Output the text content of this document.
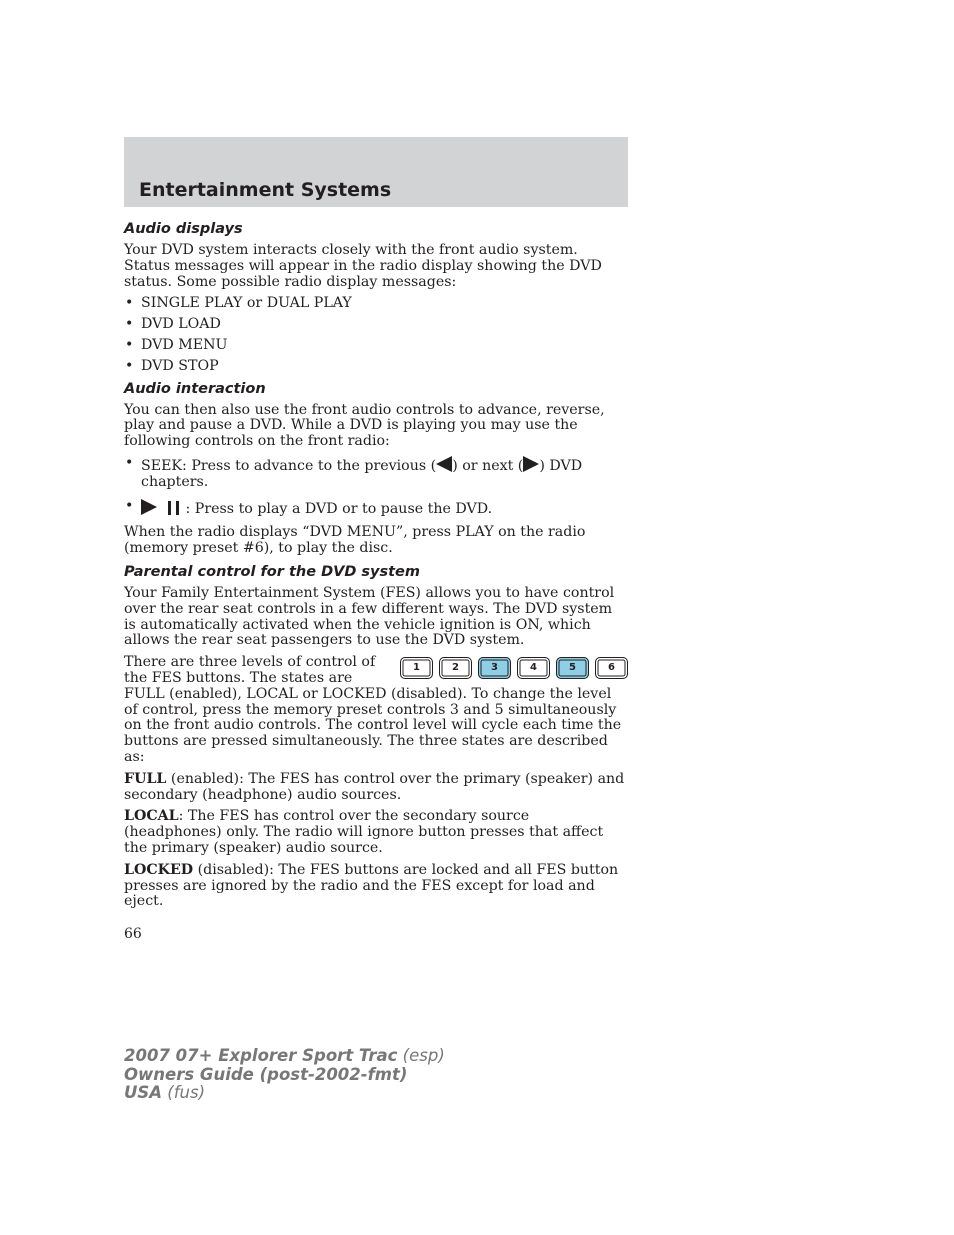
Entertainment Systems
Audio displays

Your DVD system interacts closely with the front audio system. Status messages will appear in the radio display showing the DVD status. Some possible radio display messages:

• SINGLE PLAY or DUAL PLAY
• DVD LOAD
• DVD MENU
• DVD STOP
Audio interaction

You can then also use the front audio controls to advance, reverse, play and pause a DVD. While a DVD is playing you may use the following controls on the front radio:

• SEEK: Press to advance to the previous ( ) or next ( ) DVD chapters.
•	: Press to play a DVD or to pause the DVD.

When the radio displays “DVD MENU”, press PLAY on the radio (memory preset #6), to play the disc.

Parental control for the DVD system

Your Family Entertainment System (FES) allows you to have control over the rear seat controls in a few different ways. The DVD system is automatically activated when the vehicle ignition is ON, which allows the rear seat passengers to use the DVD system.

1	2	3	4	5	6

There are three levels of control of the FES buttons. The states are FULL (enabled), LOCAL or LOCKED (disabled). To change the level of control, press the memory preset controls 3 and 5 simultaneously on the front audio controls. The control level will cycle each time the buttons are pressed simultaneously. The three states are described as:

FULL (enabled): The FES has control over the primary (speaker) and secondary (headphone) audio sources.

LOCAL: The FES has control over the secondary source (headphones) only. The radio will ignore button presses that affect the primary (speaker) audio source.

LOCKED (disabled): The FES buttons are locked and all FES button presses are ignored by the radio and the FES except for load and eject.

66
2007 07+ Explorer Sport Trac (esp)
Owners Guide (post-2002-fmt)
USA (fus)
